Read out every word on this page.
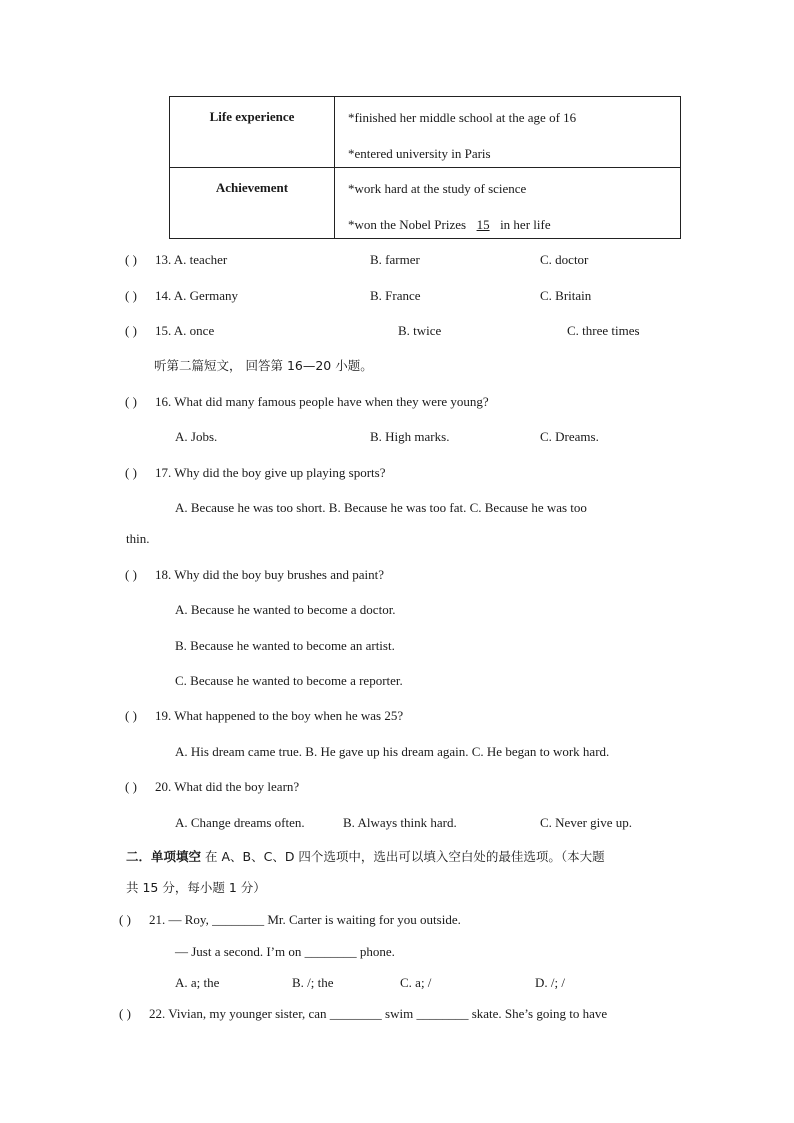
Life experience	*finished her middle school at the age of 16
*entered university in Paris

Achievement	*work hard at the study of science
*won the Nobel Prizes 15 in her life
( ) 13. A. teacher	B. farmer	C. doctor
( ) 14. A. Germany	B. France	C. Britain
( ) 15. A. once	B. twice	C. three times
听第二篇短文， 回答第 16—20 小题。
( ) 16. What did many famous people have when they were young?
A. Jobs.	B. High marks.	C. Dreams.
( ) 17. Why did the boy give up playing sports?
A. Because he was too short. B. Because he was too fat. C. Because he was too
thin.
( ) 18. Why did the boy buy brushes and paint?
A. Because he wanted to become a doctor.
B. Because he wanted to become an artist.
C. Because he wanted to become a reporter.
( ) 19. What happened to the boy when he was 25?
A. His dream came true. B. He gave up his dream again. C. He began to work hard.
( ) 20. What did the boy learn?
A. Change dreams often.	B. Always think hard.	C. Never give up.
二．单项填空 在 A、B、C、D 四个选项中，选出可以填入空白处的最佳选项。（本大题
共 15 分，每小题 1 分）
( ) 21. — Roy, ________ Mr. Carter is waiting for you outside.
— Just a second. I’m on ________ phone.
A. a; the	B. /; the	C. a; /	D. /; /
( ) 22. Vivian, my younger sister, can ________ swim ________ skate. She’s going to have
